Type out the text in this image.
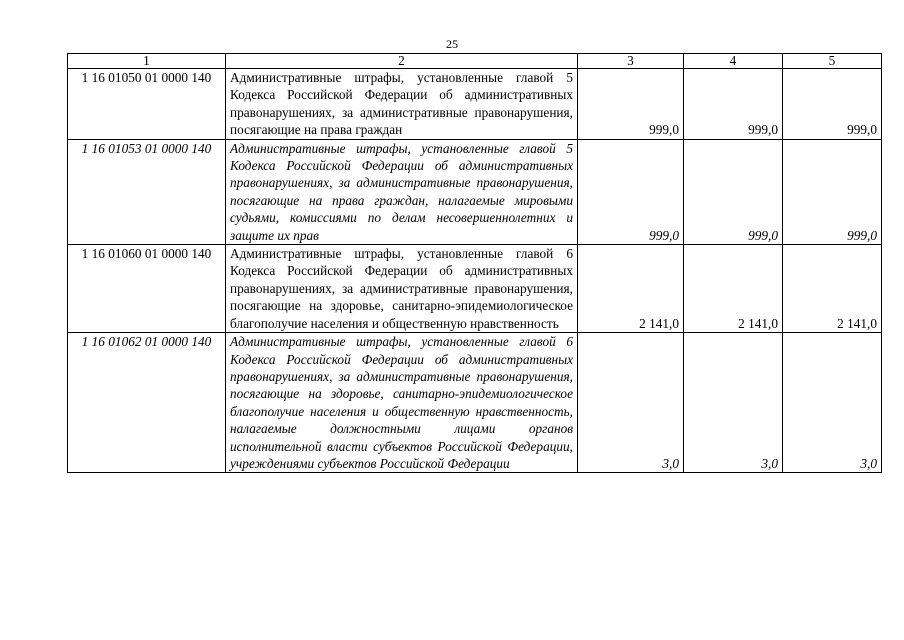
25
1	2	3	4	5
1 16 01050 01 0000 140	Административные штрафы, установленные главой 5 Кодекса Российской Федерации об административных правонарушениях, за административные правонарушения, посягающие на права граждан	999,0	999,0	999,0
1 16 01053 01 0000 140	Административные штрафы, установленные главой 5 Кодекса Российской Федерации об административных правонарушениях, за административные правонарушения, посягающие на права граждан, налагаемые мировыми судьями, комиссиями по делам несовершеннолетних и защите их прав	999,0	999,0	999,0
1 16 01060 01 0000 140	Административные штрафы, установленные главой 6 Кодекса Российской Федерации об административных правонарушениях, за административные правонарушения, посягающие на здоровье, санитарно-эпидемиологическое благополучие населения и общественную нравственность	2 141,0	2 141,0	2 141,0
1 16 01062 01 0000 140	Административные штрафы, установленные главой 6 Кодекса Российской Федерации об административных правонарушениях, за административные правонарушения, посягающие на здоровье, санитарно-эпидемиологическое благополучие населения и общественную нравственность, налагаемые должностными лицами органов исполнительной власти субъектов Российской Федерации, учреждениями субъектов Российской Федерации	3,0	3,0	3,0
